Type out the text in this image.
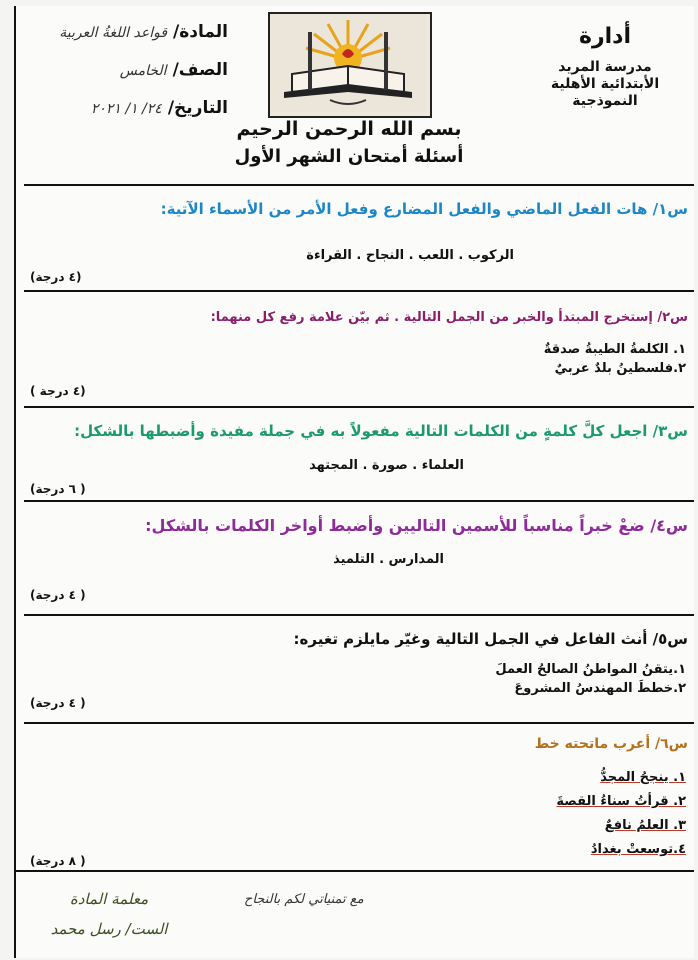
أدارة
مدرسة المريد
الأبتدائية الأهلية
النموذجية
بسم الله الرحمن الرحيم
أسئلة أمتحان الشهر الأول
المادة/
قواعد اللغةُ العربية
الصف/
الخامس
التاريخ/
٢٤/ ١/ ٢٠٢١
س١/ هات الفعل الماضي والفعل المضارع وفعل الأمر من الأسماء الآتية:
الركوب . اللعب . النجاح . القراءة
(٤ درجة)
س٢/ إستخرج المبتدأ والخبر من الجمل التالية . ثم بيّن علامة رفع كل منهما:
١. الكلمةُ الطيبةُ صدقةٌ
٢.فلسطينُ بلدٌ عربيٌ
(٤ درجة )
س٣/ اجعل كلَّ كلمةٍ من الكلمات التالية مفعولاً به في جملة مفيدة وأضبطها بالشكل:
العلماء . صورة . المجتهد
( ٦ درجة)
س٤/ ضعْ خبراً مناسباً للأسمين التاليين وأضبط أواخر الكلمات بالشكل:
المدارس . التلميذ
( ٤ درجة)
س٥/ أنث الفاعل في الجمل التالية وغيّر مايلزم تغيره:
١.يتقنُ المواطنُ الصالحُ العملَ
٢.خططَ المهندسُ المشروعَ
( ٤ درجة)
س٦/ أعرب ماتحته خط
١. ينجحُ المجدُّ
٢. قرأتُ سناءُ القصةَ
٣. العلمُ نافعٌ
٤.توسعتْ بغدادُ
( ٨ درجة)
مع تمنياتي لكم بالنجاح
معلمة المادة
الست/ رسل محمد
